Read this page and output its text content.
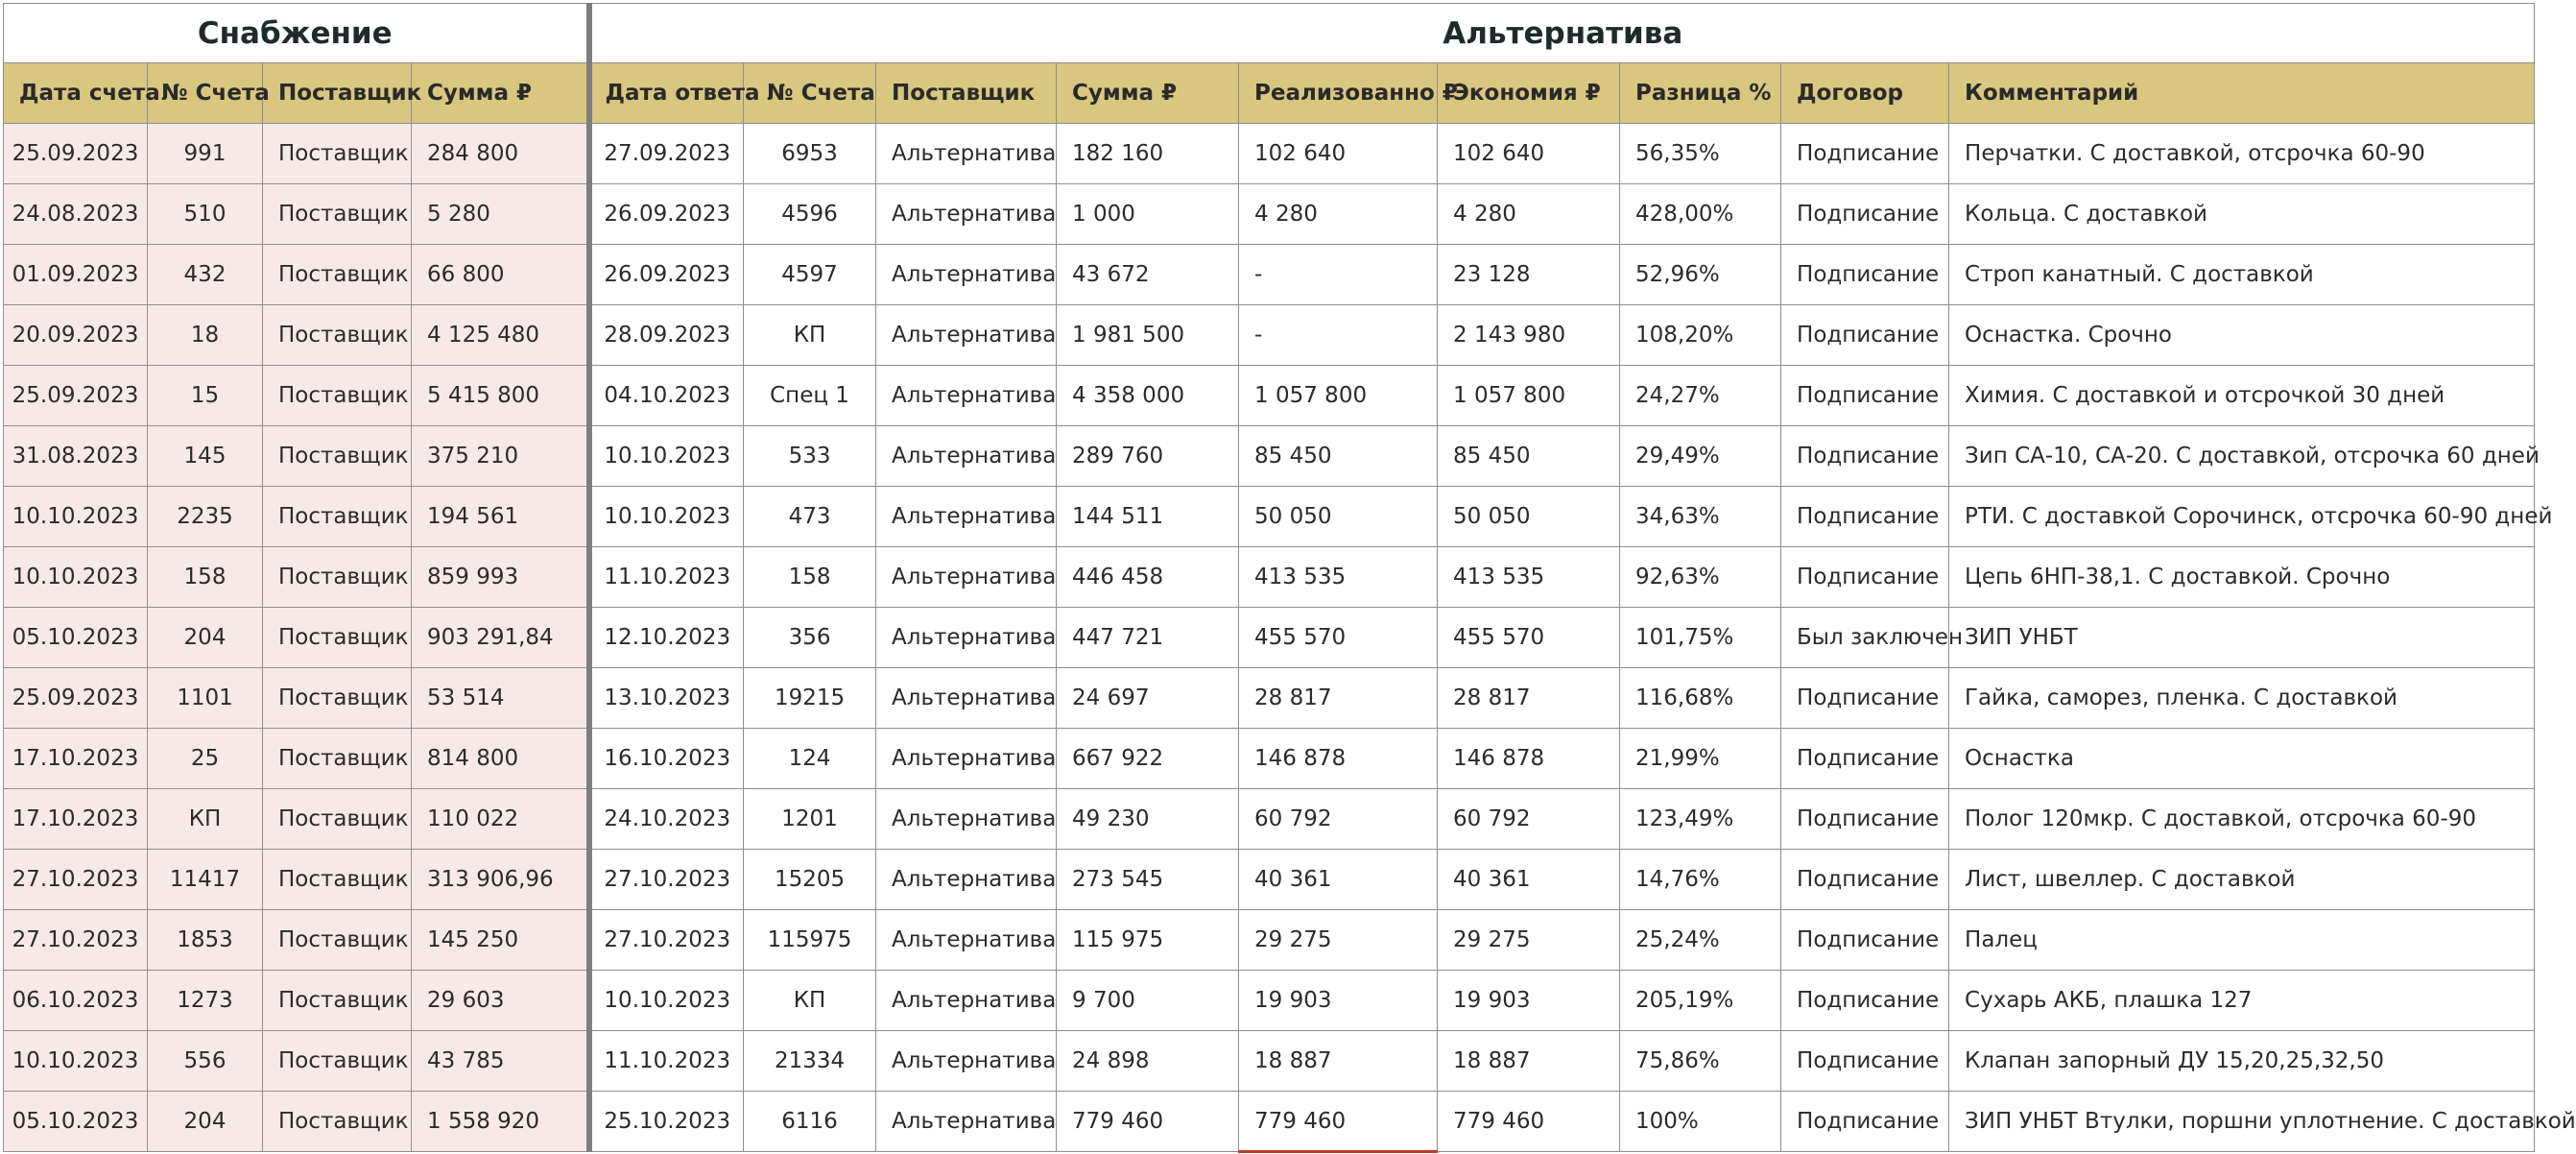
Снабжение				Альтернатива								
Дата счета	№ Счета	Поставщик	Сумма ₽	Дата ответа	№ Счета	Поставщик	Сумма ₽	Реализованно ₽	Экономия ₽	Разница %	Договор	Комментарий
25.09.2023	991	Поставщик	284 800	27.09.2023	6953	Альтернатива	182 160	102 640	102 640	56,35%	Подписание	Перчатки. С доставкой, отсрочка 60-90
24.08.2023	510	Поставщик	5 280	26.09.2023	4596	Альтернатива	1 000	4 280	4 280	428,00%	Подписание	Кольца. С доставкой
01.09.2023	432	Поставщик	66 800	26.09.2023	4597	Альтернатива	43 672	-	23 128	52,96%	Подписание	Строп канатный. С доставкой
20.09.2023	18	Поставщик	4 125 480	28.09.2023	КП	Альтернатива	1 981 500	-	2 143 980	108,20%	Подписание	Оснастка. Срочно
25.09.2023	15	Поставщик	5 415 800	04.10.2023	Спец 1	Альтернатива	4 358 000	1 057 800	1 057 800	24,27%	Подписание	Химия. С доставкой и отсрочкой 30 дней
31.08.2023	145	Поставщик	375 210	10.10.2023	533	Альтернатива	289 760	85 450	85 450	29,49%	Подписание	Зип СА-10, СА-20. С доставкой, отсрочка 60 дней
10.10.2023	2235	Поставщик	194 561	10.10.2023	473	Альтернатива	144 511	50 050	50 050	34,63%	Подписание	РТИ. С доставкой Сорочинск, отсрочка 60-90 дней
10.10.2023	158	Поставщик	859 993	11.10.2023	158	Альтернатива	446 458	413 535	413 535	92,63%	Подписание	Цепь 6НП-38,1. С доставкой. Срочно
05.10.2023	204	Поставщик	903 291,84	12.10.2023	356	Альтернатива	447 721	455 570	455 570	101,75%	Был заключен	ЗИП УНБТ
25.09.2023	1101	Поставщик	53 514	13.10.2023	19215	Альтернатива	24 697	28 817	28 817	116,68%	Подписание	Гайка, саморез, пленка. С доставкой
17.10.2023	25	Поставщик	814 800	16.10.2023	124	Альтернатива	667 922	146 878	146 878	21,99%	Подписание	Оснастка
17.10.2023	КП	Поставщик	110 022	24.10.2023	1201	Альтернатива	49 230	60 792	60 792	123,49%	Подписание	Полог 120мкр. С доставкой, отсрочка 60-90
27.10.2023	11417	Поставщик	313 906,96	27.10.2023	15205	Альтернатива	273 545	40 361	40 361	14,76%	Подписание	Лист, швеллер. С доставкой
27.10.2023	1853	Поставщик	145 250	27.10.2023	115975	Альтернатива	115 975	29 275	29 275	25,24%	Подписание	Палец
06.10.2023	1273	Поставщик	29 603	10.10.2023	КП	Альтернатива	9 700	19 903	19 903	205,19%	Подписание	Сухарь АКБ, плашка 127
10.10.2023	556	Поставщик	43 785	11.10.2023	21334	Альтернатива	24 898	18 887	18 887	75,86%	Подписание	Клапан запорный ДУ 15,20,25,32,50
05.10.2023	204	Поставщик	1 558 920	25.10.2023	6116	Альтернатива	779 460	779 460	779 460	100%	Подписание	ЗИП УНБТ Втулки, поршни уплотнение. С доставкой
